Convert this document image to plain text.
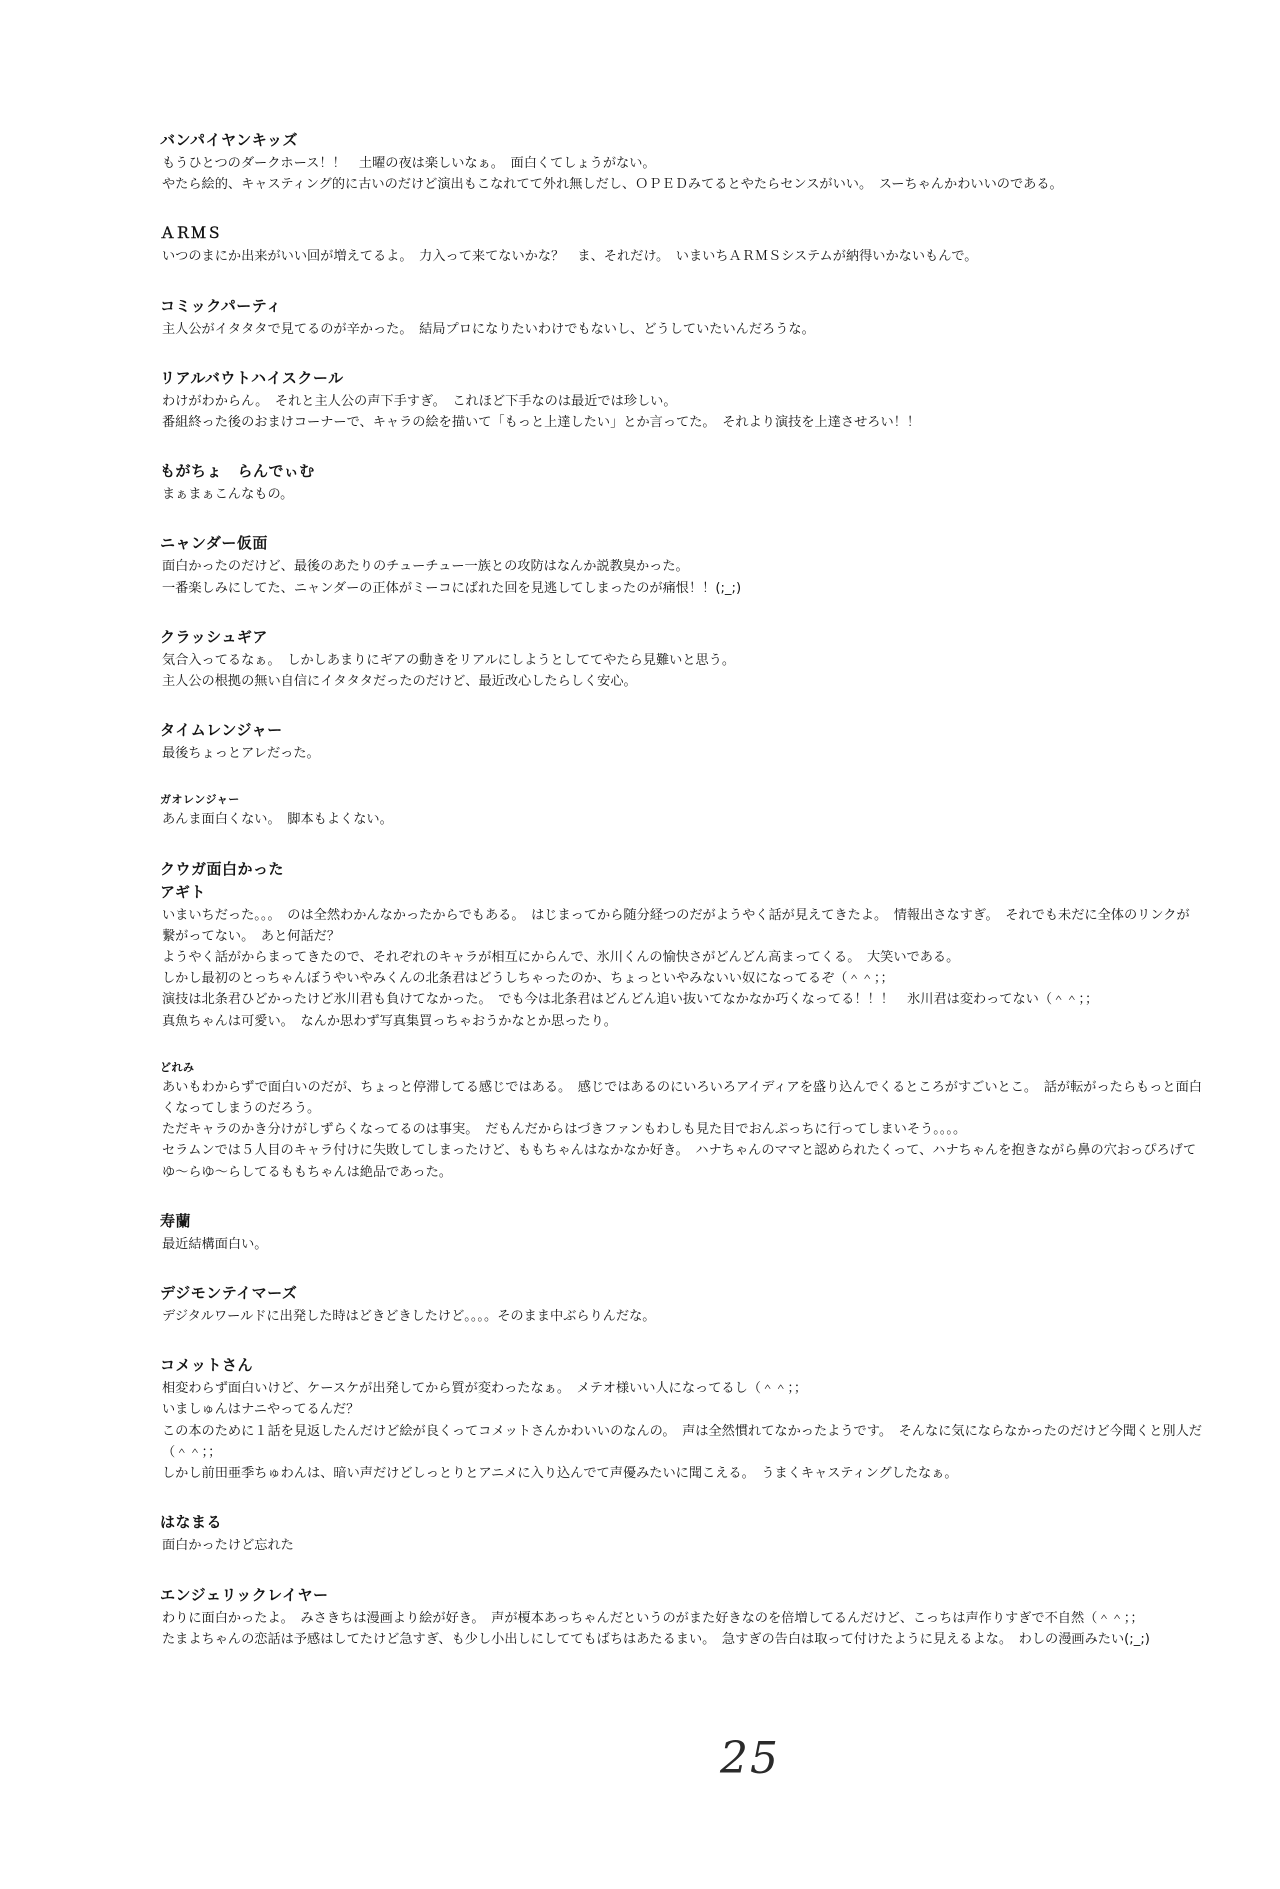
バンパイヤンキッズ

もうひとつのダークホース！！　土曜の夜は楽しいなぁ。　面白くてしょうがない。

やたら絵的、キャスティング的に古いのだけど演出もこなれてて外れ無しだし、ＯＰＥＤみてるとやたらセンスがいい。　スーちゃんかわいいのである。

ＡＲＭＳ

いつのまにか出来がいい回が増えてるよ。　力入って来てないかな？　ま、それだけ。　いまいちＡＲＭＳシステムが納得いかないもんで。

コミックパーティ

主人公がイタタタで見てるのが辛かった。　結局プロになりたいわけでもないし、どうしていたいんだろうな。

リアルバウトハイスクール

わけがわからん。　それと主人公の声下手すぎ。　これほど下手なのは最近では珍しい。

番組終った後のおまけコーナーで、キャラの絵を描いて「もっと上達したい」とか言ってた。　それより演技を上達させろい！！

もがちょ　らんでぃむ

まぁまぁこんなもの。

ニャンダー仮面

面白かったのだけど、最後のあたりのチューチュー一族との攻防はなんか説教臭かった。

一番楽しみにしてた、ニャンダーの正体がミーコにばれた回を見逃してしまったのが痛恨！！(;_;)

クラッシュギア

気合入ってるなぁ。　しかしあまりにギアの動きをリアルにしようとしててやたら見難いと思う。

主人公の根拠の無い自信にイタタタだったのだけど、最近改心したらしく安心。

タイムレンジャー

最後ちょっとアレだった。

ガオレンジャー

あんま面白くない。　脚本もよくない。

クウガ面白かった
アギト

いまいちだった。。。　のは全然わかんなかったからでもある。　はじまってから随分経つのだがようやく話が見えてきたよ。　情報出さなすぎ。　それでも未だに全体のリンクが繋がってない。　あと何話だ？

ようやく話がからまってきたので、それぞれのキャラが相互にからんで、氷川くんの愉快さがどんどん高まってくる。　大笑いである。

しかし最初のとっちゃんぼうやいやみくんの北条君はどうしちゃったのか、ちょっといやみないい奴になってるぞ（＾＾；；

演技は北条君ひどかったけど氷川君も負けてなかった。　でも今は北条君はどんどん追い抜いてなかなか巧くなってる！！！　氷川君は変わってない（＾＾；；

真魚ちゃんは可愛い。　なんか思わず写真集買っちゃおうかなとか思ったり。

どれみ

あいもわからずで面白いのだが、ちょっと停滞してる感じではある。　感じではあるのにいろいろアイディアを盛り込んでくるところがすごいとこ。　話が転がったらもっと面白くなってしまうのだろう。

ただキャラのかき分けがしずらくなってるのは事実。　だもんだからはづきファンもわしも見た目でおんぷっちに行ってしまいそう。。。。

セラムンでは５人目のキャラ付けに失敗してしまったけど、ももちゃんはなかなか好き。　ハナちゃんのママと認められたくって、ハナちゃんを抱きながら鼻の穴おっぴろげてゆ～らゆ～らしてるももちゃんは絶品であった。

寿蘭

最近結構面白い。

デジモンテイマーズ

デジタルワールドに出発した時はどきどきしたけど。。。。そのまま中ぶらりんだな。

コメットさん

相変わらず面白いけど、ケースケが出発してから質が変わったなぁ。　メテオ様いい人になってるし（＾＾；；

いましゅんはナニやってるんだ？

この本のために１話を見返したんだけど絵が良くってコメットさんかわいいのなんの。　声は全然慣れてなかったようです。　そんなに気にならなかったのだけど今聞くと別人だ（＾＾；；

しかし前田亜季ちゅわんは、暗い声だけどしっとりとアニメに入り込んでて声優みたいに聞こえる。　うまくキャスティングしたなぁ。

はなまる

面白かったけど忘れた

エンジェリックレイヤー

わりに面白かったよ。　みさきちは漫画より絵が好き。　声が榎本あっちゃんだというのがまた好きなのを倍増してるんだけど、こっちは声作りすぎで不自然（＾＾；；

たまよちゃんの恋話は予感はしてたけど急すぎ、も少し小出しにしててもばちはあたるまい。　急すぎの告白は取って付けたように見えるよな。　わしの漫画みたい(;_;)

25
